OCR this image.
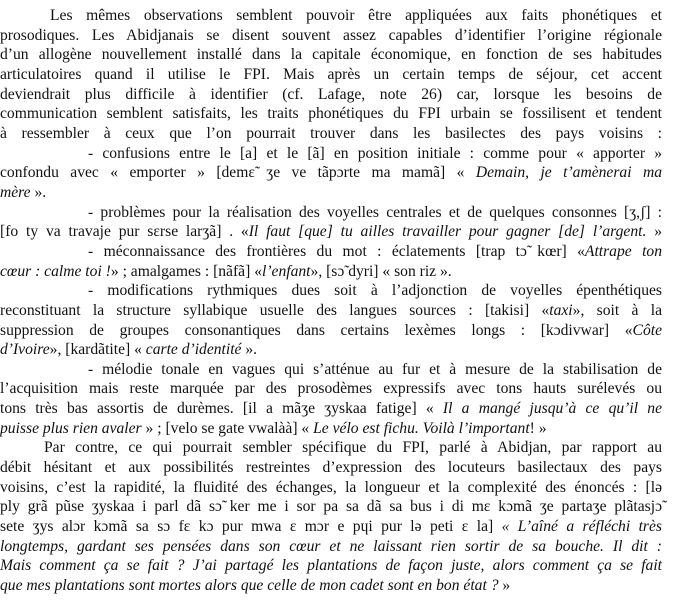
Les mêmes observations semblent pouvoir être appliquées aux faits phonétiques et
prosodiques. Les Abidjanais se disent souvent assez capables d’identifier l’origine régionale
d’un allogène nouvellement installé dans la capitale économique, en fonction de ses habitudes
articulatoires quand il utilise le FPI. Mais après un certain temps de séjour, cet accent
deviendrait plus difficile à identifier (cf. Lafage, note 26) car, lorsque les besoins de
communication semblent satisfaits, les traits phonétiques du FPI urbain se fossilisent et tendent
à ressembler à ceux que l’on pourrait trouver dans les basilectes des pays voisins :
- confusions entre le [a] et le [ã] en position initiale : comme pour « apporter »
confondu avec « emporter » [demɛ̃ ʒe ve tãpɔrte ma mamã] « Demain, je t’amènerai ma
mère ».
- problèmes pour la réalisation des voyelles centrales et de quelques consonnes [ʒ,ʃ] :
[fo ty va travaje pur sɛrse larʒã] . «Il faut [que] tu ailles travailler pour gagner [de] l’argent. »
- méconnaissance des frontières du mot : éclatements [trap tɔ̃ kœr] «Attrape ton
cœur : calme toi !» ; amalgames : [nãfã] «l’enfant», [sɔ̃ dyri] « son riz ».
- modifications rythmiques dues soit à l’adjonction de voyelles épenthétiques
reconstituant la structure syllabique usuelle des langues sources : [takisi] «taxi», soit à la
suppression de groupes consonantiques dans certains lexèmes longs : [kɔdivwar] «Côte
d’Ivoire», [kardãtite] « carte d’identité ».
- mélodie tonale en vagues qui s’atténue au fur et à mesure de la stabilisation de
l’acquisition mais reste marquée par des prosodèmes expressifs avec tons hauts surélevés ou
tons très bas assortis de durèmes. [il a mãʒe ʒyskaa fatige] « Il a mangé jusqu’à ce qu’il ne
puisse plus rien avaler » ; [velo se gate vwalàà] « Le vélo est fichu. Voilà l’important! »
Par contre, ce qui pourrait sembler spécifique du FPI, parlé à Abidjan, par rapport au
débit hésitant et aux possibilités restreintes d’expression des locuteurs basilectaux des pays
voisins, c’est la rapidité, la fluidité des échanges, la longueur et la complexité des énoncés : [lə
ply grã pũse ʒyskaa i parl dã sɔ̃ ker me i sor pa sa dã sa bus i di mɛ kɔmã ʒe partaʒe plãtasjɔ̃
sete ʒys alɔr kɔmã sa sɔ fɛ kɔ pur mwa ɛ mɔr e pɥi pur lə peti ɛ la] « L’aîné a réfléchi très
longtemps, gardant ses pensées dans son cœur et ne laissant rien sortir de sa bouche. Il dit :
Mais comment ça se fait ? J’ai partagé les plantations de façon juste, alors comment ça se fait
que mes plantations sont mortes alors que celle de mon cadet sont en bon état ? »
